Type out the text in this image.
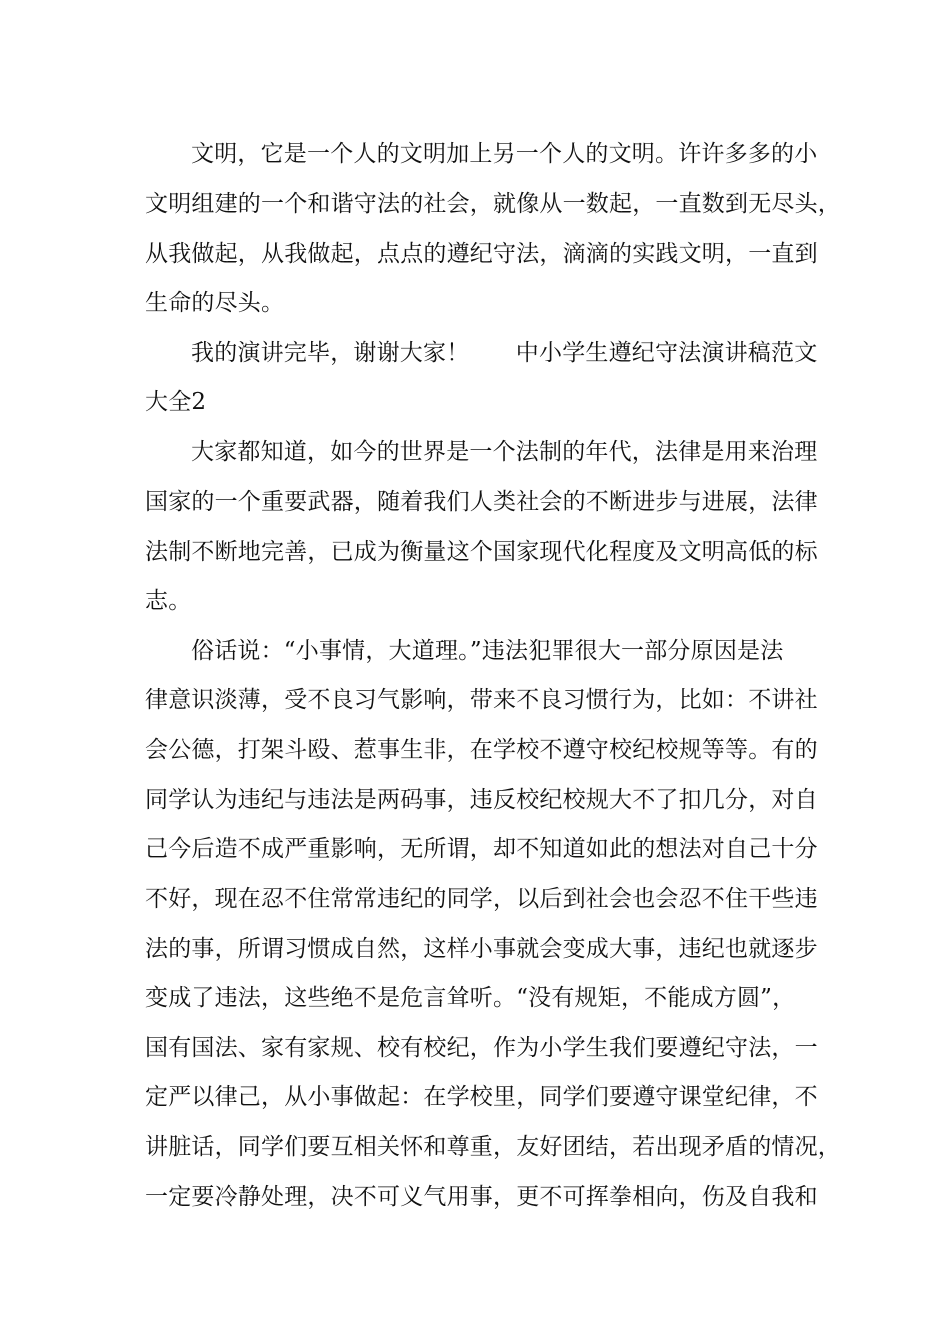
文明，它是一个人的文明加上另一个人的文明。许许多多的小
文明组建的一个和谐守法的社会，就像从一数起，一直数到无尽头，
从我做起，从我做起，点点的遵纪守法，滴滴的实践文明，一直到
生命的尽头。
我的演讲完毕，谢谢大家！　　中小学生遵纪守法演讲稿范文
大全2
大家都知道，如今的世界是一个法制的年代，法律是用来治理
国家的一个重要武器，随着我们人类社会的不断进步与进展，法律
法制不断地完善，已成为衡量这个国家现代化程度及文明高低的标
志。
俗话说：“小事情，大道理。”违法犯罪很大一部分原因是法
律意识淡薄，受不良习气影响，带来不良习惯行为，比如：不讲社
会公德，打架斗殴、惹事生非，在学校不遵守校纪校规等等。有的
同学认为违纪与违法是两码事，违反校纪校规大不了扣几分，对自
己今后造不成严重影响，无所谓，却不知道如此的想法对自己十分
不好，现在忍不住常常违纪的同学，以后到社会也会忍不住干些违
法的事，所谓习惯成自然，这样小事就会变成大事，违纪也就逐步
变成了违法，这些绝不是危言耸听。“没有规矩，不能成方圆”，
国有国法、家有家规、校有校纪，作为小学生我们要遵纪守法，一
定严以律己，从小事做起：在学校里，同学们要遵守课堂纪律，不
讲脏话，同学们要互相关怀和尊重，友好团结，若出现矛盾的情况，
一定要冷静处理，决不可义气用事，更不可挥拳相向，伤及自我和
